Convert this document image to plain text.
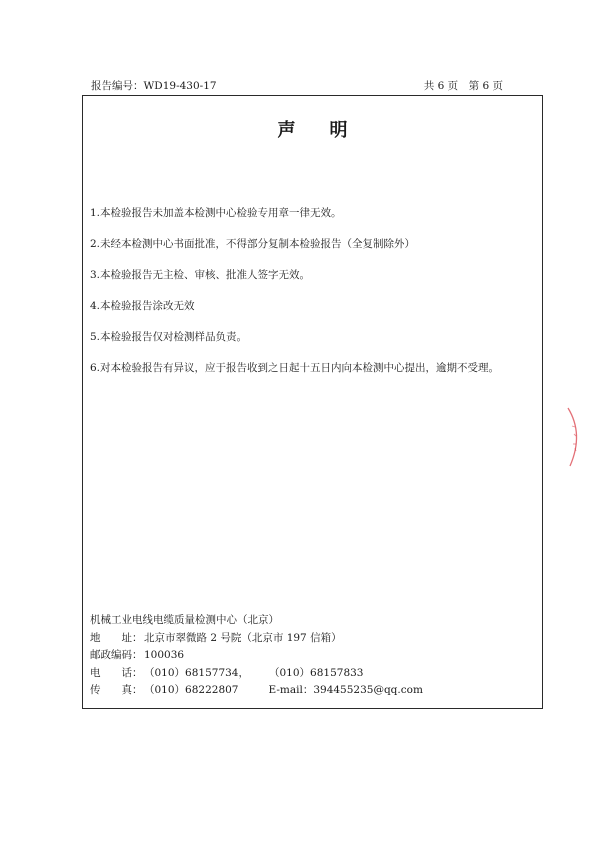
报告编号：WD19-430-17	共 6 页　第 6 页
声明
1.本检验报告未加盖本检测中心检验专用章一律无效。
2.未经本检测中心书面批准，不得部分复制本检验报告（全复制除外）
3.本检验报告无主检、审核、批准人签字无效。
4.本检验报告涂改无效
5.本检验报告仅对检测样品负责。
6.对本检验报告有异议，应于报告收到之日起十五日内向本检测中心提出，逾期不受理。
机械工业电线电缆质量检测中心（北京）
地　　址： 北京市翠微路 2 号院（北京市 197 信箱）
邮政编码： 100036
电　　话： （010）68157734， （010）68157833
传　　真： （010）68222807	E-mail：394455235@qq.com
